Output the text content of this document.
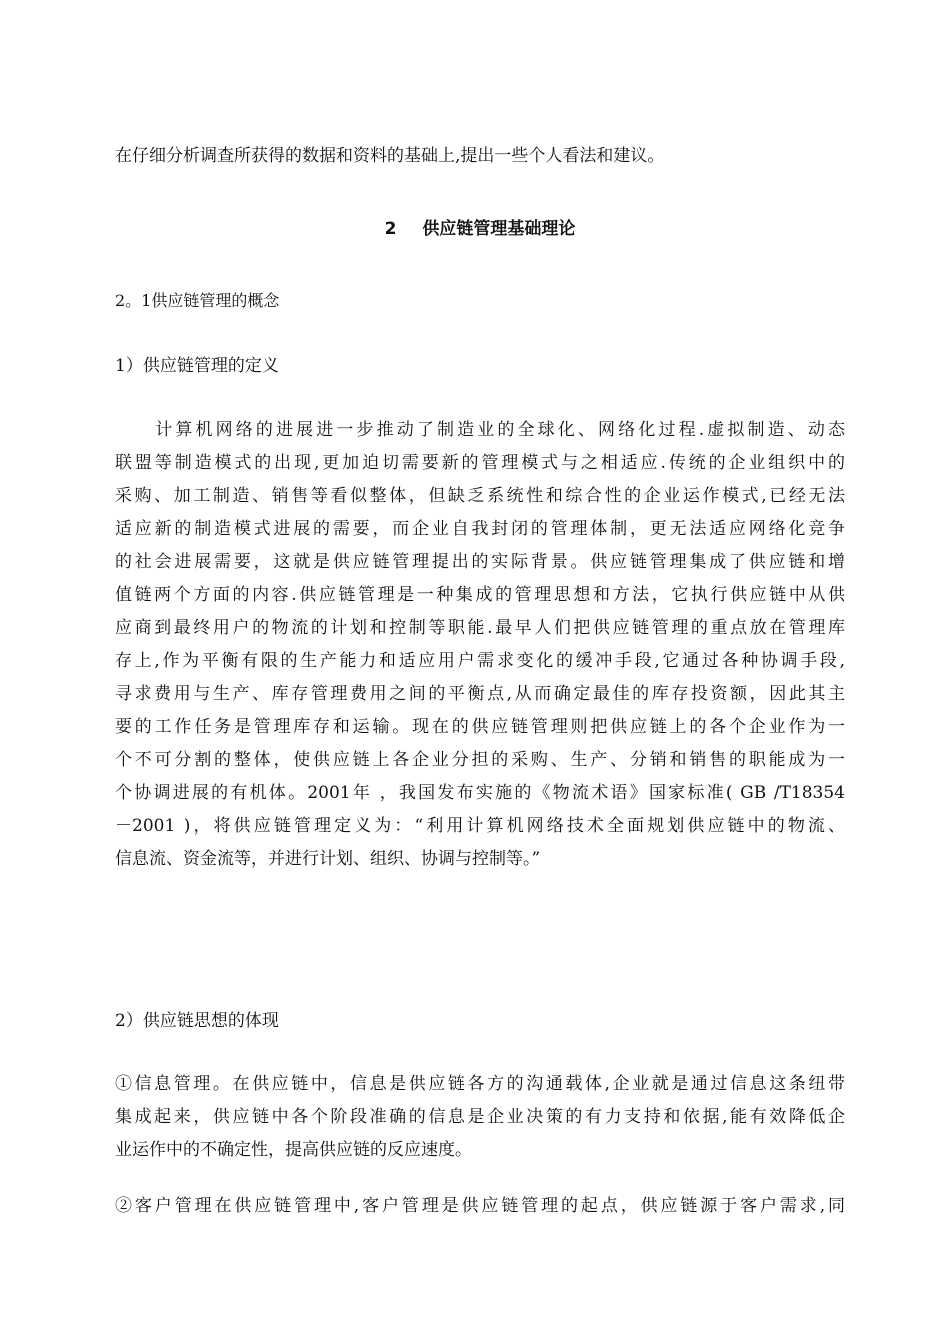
在仔细分析调查所获得的数据和资料的基础上,提出一些个人看法和建议。

2 供应链管理基础理论

2。1供应链管理的概念

1）供应链管理的定义

　　计算机网络的进展进一步推动了制造业的全球化、网络化过程.虚拟制造、动态
联盟等制造模式的出现,更加迫切需要新的管理模式与之相适应.传统的企业组织中的
采购、加工制造、销售等看似整体，但缺乏系统性和综合性的企业运作模式,已经无法
适应新的制造模式进展的需要，而企业自我封闭的管理体制，更无法适应网络化竞争
的社会进展需要，这就是供应链管理提出的实际背景。供应链管理集成了供应链和增
值链两个方面的内容.供应链管理是一种集成的管理思想和方法，它执行供应链中从供
应商到最终用户的物流的计划和控制等职能.最早人们把供应链管理的重点放在管理库
存上,作为平衡有限的生产能力和适应用户需求变化的缓冲手段,它通过各种协调手段,
寻求费用与生产、库存管理费用之间的平衡点,从而确定最佳的库存投资额，因此其主
要的工作任务是管理库存和运输。现在的供应链管理则把供应链上的各个企业作为一
个不可分割的整体，使供应链上各企业分担的采购、生产、分销和销售的职能成为一
个协调进展的有机体。2001年 ，我国发布实施的《物流术语》国家标准( GB /T18354
－2001 )，将供应链管理定义为：“利用计算机网络技术全面规划供应链中的物流、
信息流、资金流等，并进行计划、组织、协调与控制等。”

2）供应链思想的体现

①信息管理。在供应链中，信息是供应链各方的沟通载体,企业就是通过信息这条纽带
集成起来，供应链中各个阶段准确的信息是企业决策的有力支持和依据,能有效降低企
业运作中的不确定性，提高供应链的反应速度。
②客户管理在供应链管理中,客户管理是供应链管理的起点，供应链源于客户需求,同
